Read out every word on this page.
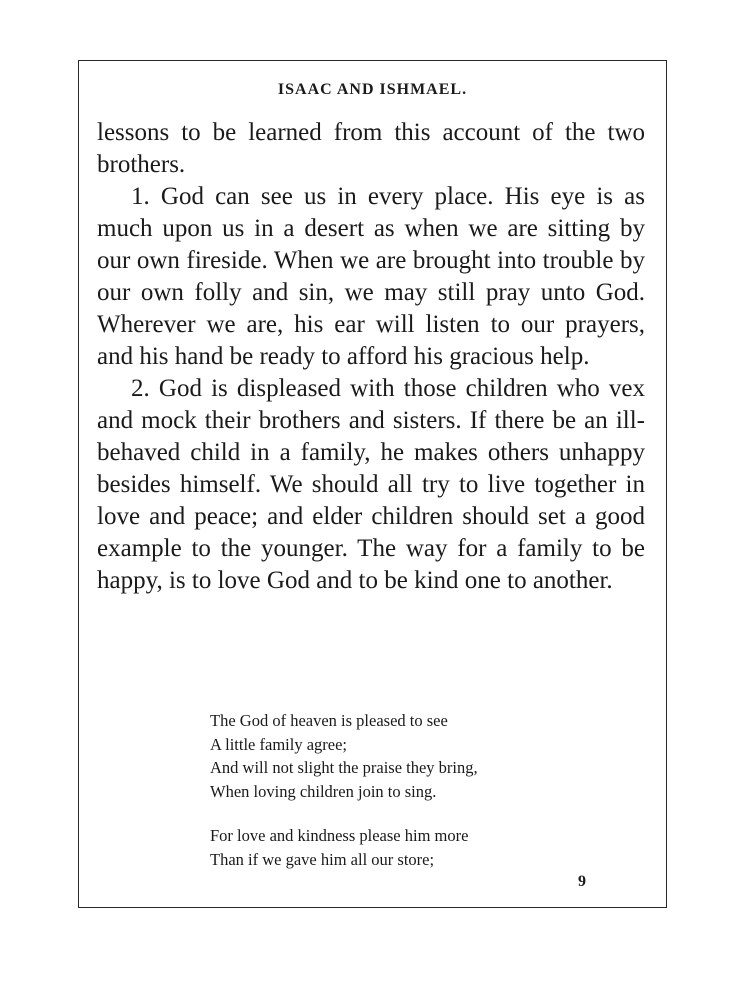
ISAAC AND ISHMAEL.

lessons to be learned from this account of the two brothers.

1. God can see us in every place. His eye is as much upon us in a desert as when we are sitting by our own fireside. When we are brought into trouble by our own folly and sin, we may still pray unto God. Wherever we are, his ear will listen to our prayers, and his hand be ready to afford his gracious help.

2. God is displeased with those children who vex and mock their brothers and sisters. If there be an ill-behaved child in a family, he makes others unhappy besides himself. We should all try to live together in love and peace; and elder children should set a good example to the younger. The way for a family to be happy, is to love God and to be kind one to another.

The God of heaven is pleased to see
A little family agree;
And will not slight the praise they bring,
When loving children join to sing.
For love and kindness please him more
Than if we gave him all our store;
9
